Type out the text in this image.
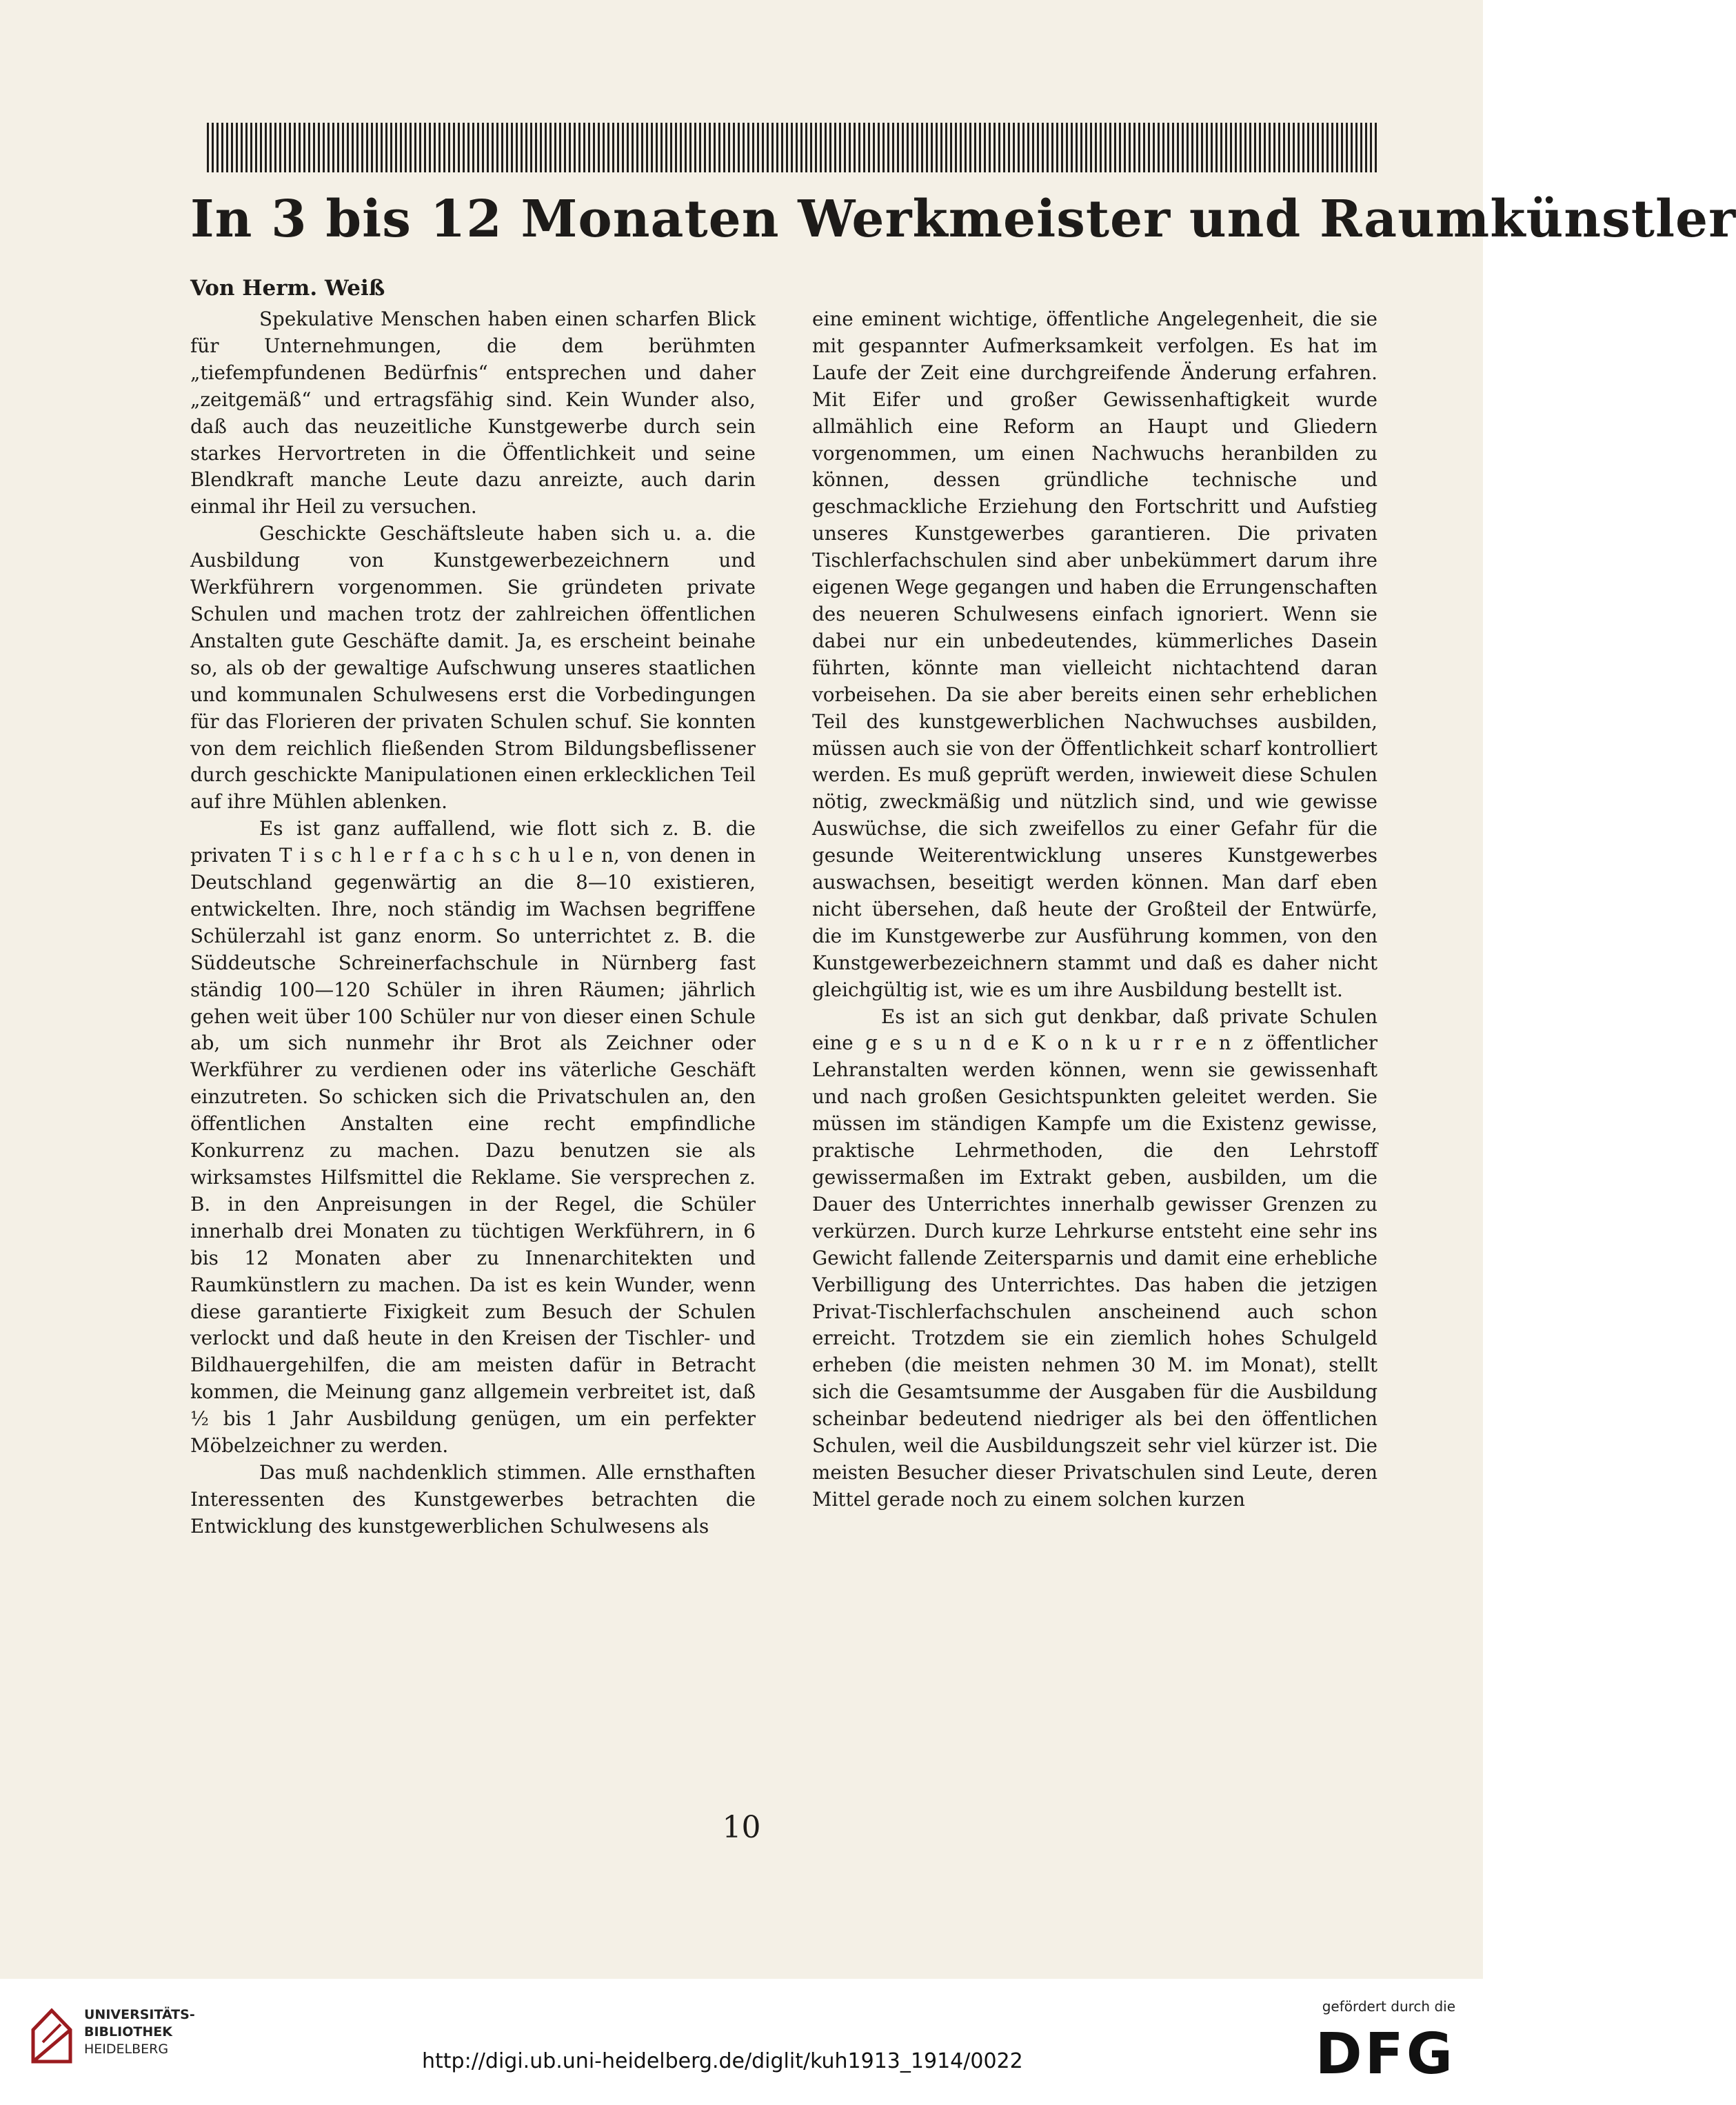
In 3 bis 12 Monaten Werkmeister und Raumkünstler
Von Herm. Weiß

Spekulative Menschen haben einen scharfen Blick für Unternehmungen, die dem berühmten „tiefempfundenen Bedürfnis“ entsprechen und daher „zeitgemäß“ und ertragsfähig sind. Kein Wunder also, daß auch das neuzeitliche Kunstgewerbe durch sein starkes Hervortreten in die Öffentlichkeit und seine Blendkraft manche Leute dazu anreizte, auch darin einmal ihr Heil zu versuchen.

Geschickte Geschäftsleute haben sich u. a. die Ausbildung von Kunstgewerbezeichnern und Werkführern vorgenommen. Sie gründeten private Schulen und machen trotz der zahlreichen öffentlichen Anstalten gute Geschäfte damit. Ja, es erscheint beinahe so, als ob der gewaltige Aufschwung unseres staatlichen und kommunalen Schulwesens erst die Vorbedingungen für das Florieren der privaten Schulen schuf. Sie konnten von dem reichlich fließenden Strom Bildungsbeflissener durch geschickte Manipulationen einen erklecklichen Teil auf ihre Mühlen ablenken.

Es ist ganz auffallend, wie flott sich z. B. die privaten T i s c h l e r f a c h s c h u l e n, von denen in Deutschland gegenwärtig an die 8—10 existieren, entwickelten. Ihre, noch ständig im Wachsen begriffene Schülerzahl ist ganz enorm. So unterrichtet z. B. die Süddeutsche Schreinerfachschule in Nürnberg fast ständig 100—120 Schüler in ihren Räumen; jährlich gehen weit über 100 Schüler nur von dieser einen Schule ab, um sich nunmehr ihr Brot als Zeichner oder Werkführer zu verdienen oder ins väterliche Geschäft einzutreten. So schicken sich die Privatschulen an, den öffentlichen Anstalten eine recht empfindliche Konkurrenz zu machen. Dazu benutzen sie als wirksamstes Hilfsmittel die Reklame. Sie versprechen z. B. in den Anpreisungen in der Regel, die Schüler innerhalb drei Monaten zu tüchtigen Werkführern, in 6 bis 12 Monaten aber zu Innenarchitekten und Raumkünstlern zu machen. Da ist es kein Wunder, wenn diese garantierte Fixigkeit zum Besuch der Schulen verlockt und daß heute in den Kreisen der Tischler- und Bildhauergehilfen, die am meisten dafür in Betracht kommen, die Meinung ganz allgemein verbreitet ist, daß ½ bis 1 Jahr Ausbildung genügen, um ein perfekter Möbelzeichner zu werden.

Das muß nachdenklich stimmen. Alle ernsthaften Interessenten des Kunstgewerbes betrachten die Entwicklung des kunstgewerblichen Schulwesens als

eine eminent wichtige, öffentliche Angelegenheit, die sie mit gespannter Aufmerksamkeit verfolgen. Es hat im Laufe der Zeit eine durchgreifende Änderung erfahren. Mit Eifer und großer Gewissenhaftigkeit wurde allmählich eine Reform an Haupt und Gliedern vorgenommen, um einen Nachwuchs heranbilden zu können, dessen gründliche technische und geschmackliche Erziehung den Fortschritt und Aufstieg unseres Kunstgewerbes garantieren. Die privaten Tischlerfachschulen sind aber unbekümmert darum ihre eigenen Wege gegangen und haben die Errungenschaften des neueren Schulwesens einfach ignoriert. Wenn sie dabei nur ein unbedeutendes, kümmerliches Dasein führten, könnte man vielleicht nichtachtend daran vorbeisehen. Da sie aber bereits einen sehr erheblichen Teil des kunstgewerblichen Nachwuchses ausbilden, müssen auch sie von der Öffentlichkeit scharf kontrolliert werden. Es muß geprüft werden, inwieweit diese Schulen nötig, zweckmäßig und nützlich sind, und wie gewisse Auswüchse, die sich zweifellos zu einer Gefahr für die gesunde Weiterentwicklung unseres Kunstgewerbes auswachsen, beseitigt werden können. Man darf eben nicht übersehen, daß heute der Großteil der Entwürfe, die im Kunstgewerbe zur Ausführung kommen, von den Kunstgewerbezeichnern stammt und daß es daher nicht gleichgültig ist, wie es um ihre Ausbildung bestellt ist.

Es ist an sich gut denkbar, daß private Schulen eine g e s u n d e K o n k u r r e n z öffentlicher Lehranstalten werden können, wenn sie gewissenhaft und nach großen Gesichtspunkten geleitet werden. Sie müssen im ständigen Kampfe um die Existenz gewisse, praktische Lehrmethoden, die den Lehrstoff gewissermaßen im Extrakt geben, ausbilden, um die Dauer des Unterrichtes innerhalb gewisser Grenzen zu verkürzen. Durch kurze Lehrkurse entsteht eine sehr ins Gewicht fallende Zeitersparnis und damit eine erhebliche Verbilligung des Unterrichtes. Das haben die jetzigen Privat-Tischlerfachschulen anscheinend auch schon erreicht. Trotzdem sie ein ziemlich hohes Schulgeld erheben (die meisten nehmen 30 M. im Monat), stellt sich die Gesamtsumme der Ausgaben für die Ausbildung scheinbar bedeutend niedriger als bei den öffentlichen Schulen, weil die Ausbildungszeit sehr viel kürzer ist. Die meisten Besucher dieser Privatschulen sind Leute, deren Mittel gerade noch zu einem solchen kurzen

10
UNIVERSITÄTS-
BIBLIOTHEK
HEIDELBERG	http://digi.ub.uni-heidelberg.de/diglit/kuh1913_1914/0022
gefördert durch die
DFG
